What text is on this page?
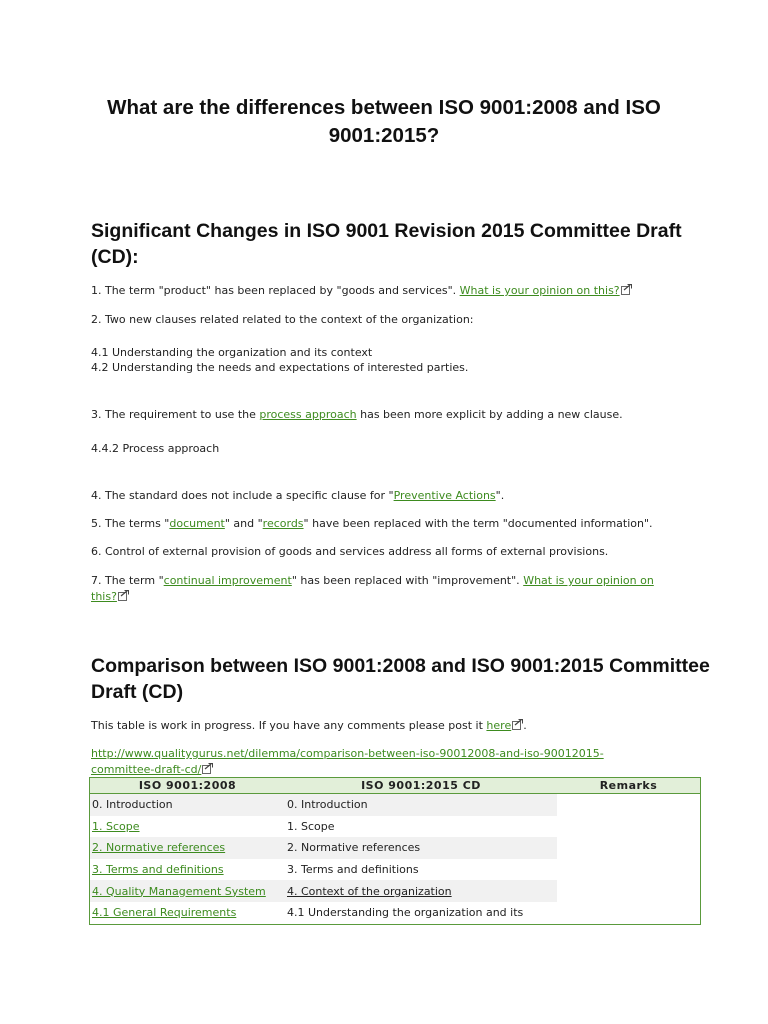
What are the differences between ISO 9001:2008 and ISO 9001:2015?
Significant Changes in ISO 9001 Revision 2015 Committee Draft (CD):

1. The term "product" has been replaced by "goods and services". What is your opinion on this?

2. Two new clauses related related to the context of the organization:

4.1 Understanding the organization and its context

4.2 Understanding the needs and expectations of interested parties.

3. The requirement to use the process approach has been more explicit by adding a new clause.

4.4.2 Process approach

4. The standard does not include a specific clause for "Preventive Actions".

5. The terms "document" and "records" have been replaced with the term "documented information".

6. Control of external provision of goods and services address all forms of external provisions.

7. The term "continual improvement" has been replaced with "improvement". What is your opinion on this?

Comparison between ISO 9001:2008 and ISO 9001:2015 Committee Draft (CD)

This table is work in progress. If you have any comments please post it here .

http://www.qualitygurus.net/dilemma/comparison-between-iso-90012008-and-iso-90012015-
committee-draft-cd/

ISO 9001:2008	ISO 9001:2015 CD	Remarks
0. Introduction	0. Introduction	
1. Scope	1. Scope	
2. Normative references	2. Normative references	
3. Terms and definitions	3. Terms and definitions	
4. Quality Management System	4. Context of the organization	
4.1 General Requirements	4.1 Understanding the organization and its	
